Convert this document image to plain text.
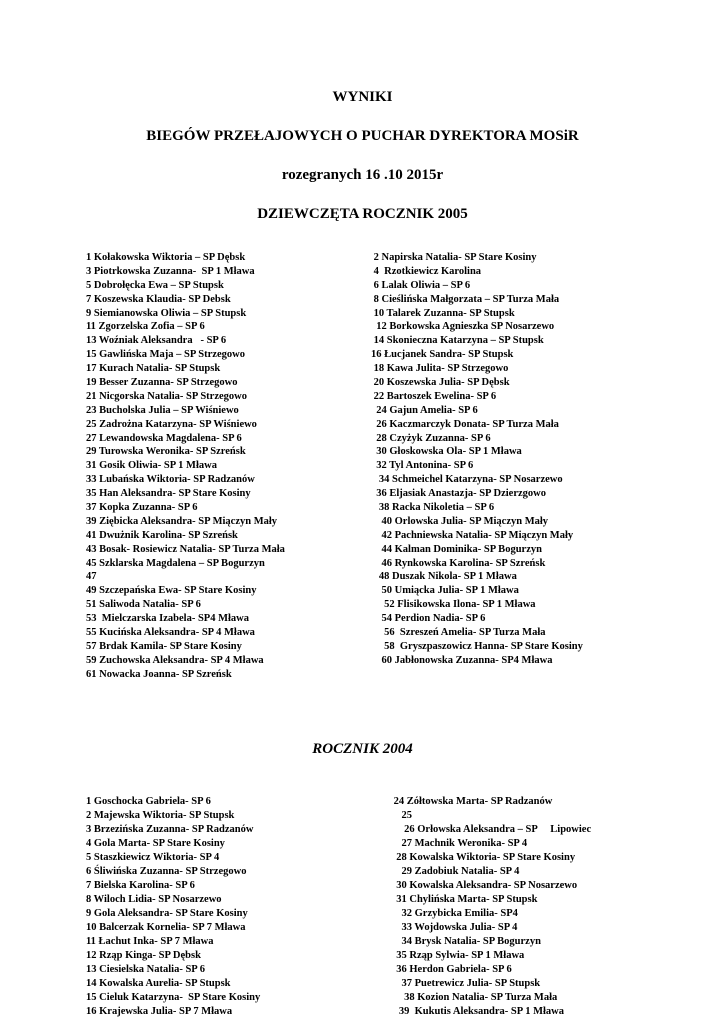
WYNIKI
BIEGÓW PRZEŁAJOWYCH O PUCHAR DYREKTORA MOSiR
rozegranych 16 .10 2015r
DZIEWCZĘTA ROCZNIK 2005
1 Kołakowska Wiktoria – SP Dębsk
3 Piotrkowska Zuzanna-  SP 1 Mława
5 Dobrołęcka Ewa – SP Stupsk
7 Koszewska Klaudia- SP Debsk
9 Siemianowska Oliwia – SP Stupsk
11 Zgorzelska Zofia – SP 6
13 Woźniak Aleksandra   - SP 6
15 Gawlińska Maja – SP Strzegowo
17 Kurach Natalia- SP Stupsk
19 Besser Zuzanna- SP Strzegowo
21 Nicgorska Natalia- SP Strzegowo
23 Bucholska Julia – SP Wiśniewo
25 Zadrożna Katarzyna- SP Wiśniewo
27 Lewandowska Magdalena- SP 6
29 Turowska Weronika- SP Szreńsk
31 Gosik Oliwia- SP 1 Mława
33 Lubańska Wiktoria- SP Radzanów
35 Han Aleksandra- SP Stare Kosiny
37 Kopka Zuzanna- SP 6
39 Ziębicka Aleksandra- SP Miączyn Mały
41 Dwużnik Karolina- SP Szreńsk
43 Bosak- Rosiewicz Natalia- SP Turza Mała
45 Szklarska Magdalena – SP Bogurzyn
47
49 Szczepańska Ewa- SP Stare Kosiny
51 Saliwoda Natalia- SP 6
53  Mielczarska Izabela- SP4 Mława
55 Kucińska Aleksandra- SP 4 Mława
57 Brdak Kamila- SP Stare Kosiny
59 Zuchowska Aleksandra- SP 4 Mława
61 Nowacka Joanna- SP Szreńsk
2 Napirska Natalia- SP Stare Kosiny
4  Rzotkiewicz Karolina
6 Lalak Oliwia – SP 6
8 Cieślińska Małgorzata – SP Turza Mała
10 Talarek Zuzanna- SP Stupsk
12 Borkowska Agnieszka SP Nosarzewo
14 Skonieczna Katarzyna – SP Stupsk
16 Łucjanek Sandra- SP Stupsk
18 Kawa Julita- SP Strzegowo
20 Koszewska Julia- SP Dębsk
22 Bartoszek Ewelina- SP 6
24 Gajun Amelia- SP 6
26 Kaczmarczyk Donata- SP Turza Mała
28 Czyżyk Zuzanna- SP 6
30 Głoskowska Ola- SP 1 Mława
32 Tyl Antonina- SP 6
34 Schmeichel Katarzyna- SP Nosarzewo
36 Eljasiak Anastazja- SP Dzierzgowo
38 Racka Nikoletia – SP 6
40 Orlowska Julia- SP Miączyn Mały
42 Pachniewska Natalia- SP Miączyn Mały
44 Kalman Dominika- SP Bogurzyn
46 Rynkowska Karolina- SP Szreńsk
48 Duszak Nikola- SP 1 Mława
50 Umiącka Julia- SP 1 Mława
52 Flisikowska Ilona- SP 1 Mława
54 Perdion Nadia- SP 6
56  Szreszeń Amelia- SP Turza Mała
58  Gryszpaszowicz Hanna- SP Stare Kosiny
60 Jabłonowska Zuzanna- SP4 Mława
ROCZNIK 2004
1 Goschocka Gabriela- SP 6
2 Majewska Wiktoria- SP Stupsk
3 Brzezińska Zuzanna- SP Radzanów
4 Gola Marta- SP Stare Kosiny
5 Staszkiewicz Wiktoria- SP 4
6 Śliwińska Zuzanna- SP Strzegowo
7 Bielska Karolina- SP 6
8 Wiloch Lidia- SP Nosarzewo
9 Gola Aleksandra- SP Stare Kosiny
10 Balcerzak Kornelia- SP 7 Mława
11 Łachut Inka- SP 7 Mława
12 Rząp Kinga- SP Dębsk
13 Ciesielska Natalia- SP 6
14 Kowalska Aurelia- SP Stupsk
15 Cieluk Katarzyna-  SP Stare Kosiny
16 Krajewska Julia- SP 7 Mława
24 Zółtowska Marta- SP Radzanów
25
26 Orłowska Aleksandra – SP     Lipowiec
27 Machnik Weronika- SP 4
28 Kowalska Wiktoria- SP Stare Kosiny
29 Zadobiuk Natalia- SP 4
30 Kowalska Aleksandra- SP Nosarzewo
31 Chylińska Marta- SP Stupsk
32 Grzybicka Emilia- SP4
33 Wojdowska Julia- SP 4
34 Brysk Natalia- SP Bogurzyn
35 Rząp Sylwia- SP 1 Mława
36 Herdon Gabriela- SP 6
37 Puetrewicz Julia- SP Stupsk
38 Kozion Natalia- SP Turza Mała
39  Kukutis Aleksandra- SP 1 Mława
